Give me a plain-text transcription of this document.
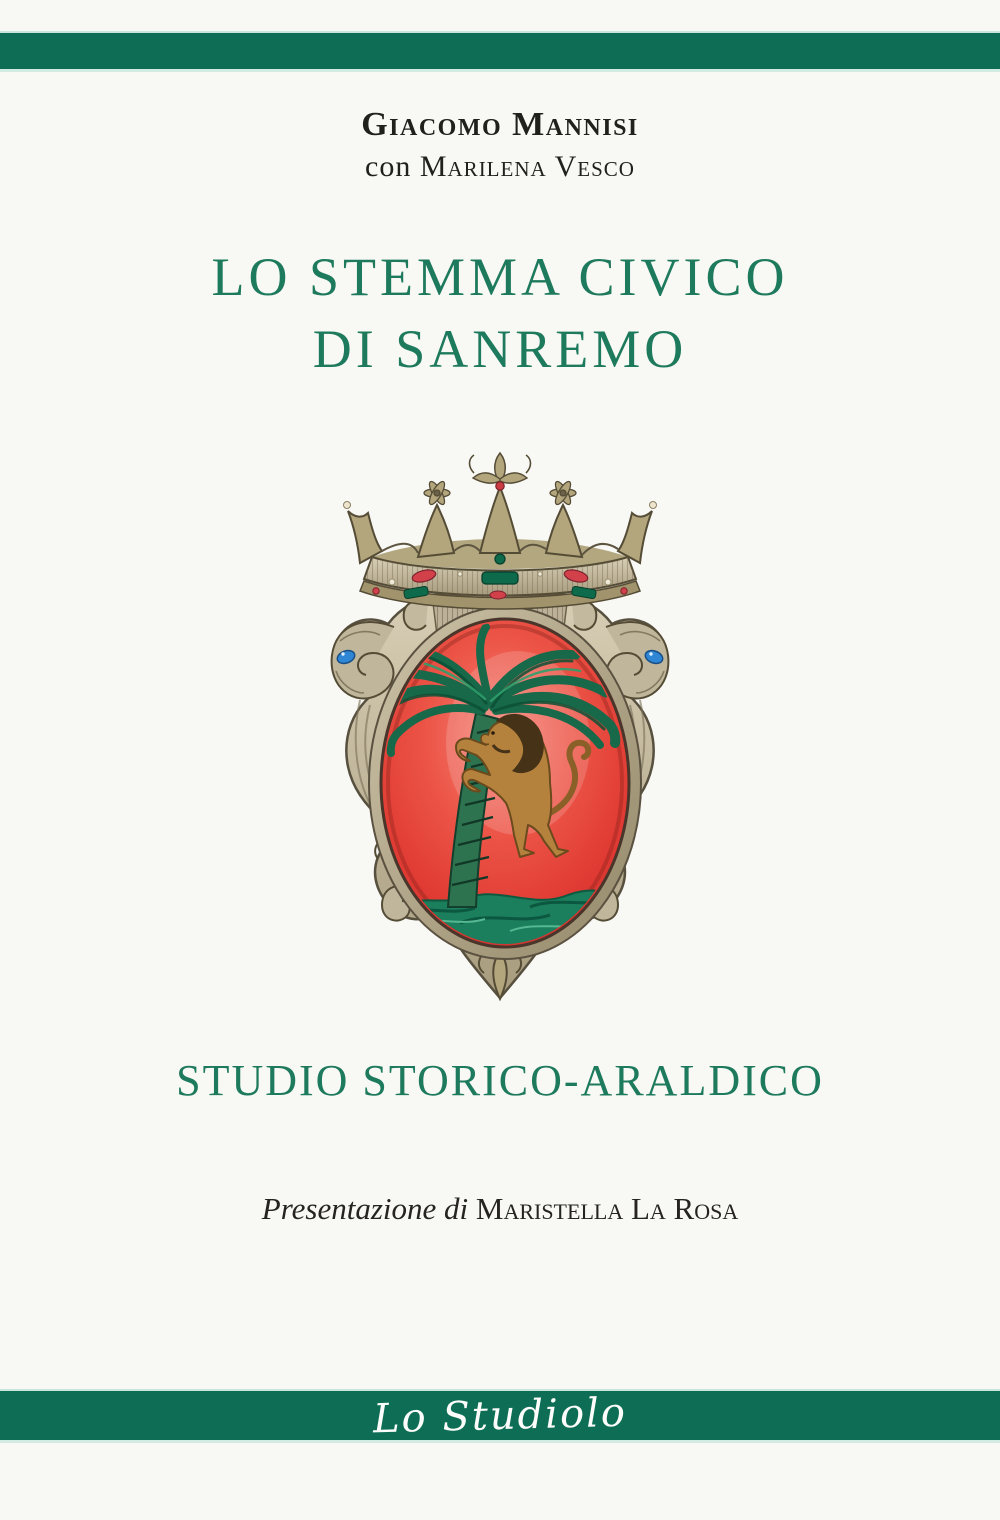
Giacomo Mannisi
con Marilena Vesco
LO STEMMA CIVICO
DI SANREMO
STUDIO STORICO-ARALDICO
Presentazione di Maristella La Rosa
Lo Studiolo
